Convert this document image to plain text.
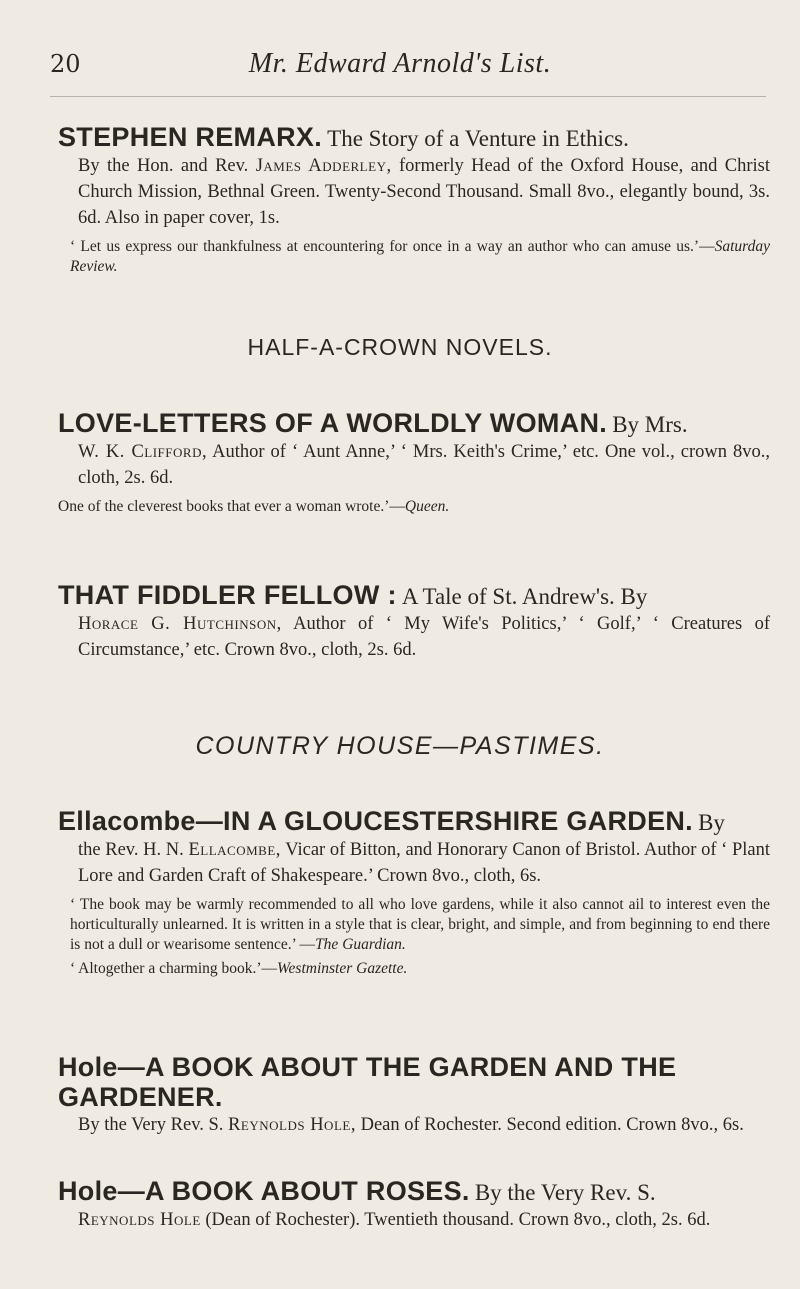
20	Mr. Edward Arnold's List.
STEPHEN REMARX. The Story of a Venture in Ethics.
By the Hon. and Rev. James Adderley, formerly Head of the Oxford House, and Christ Church Mission, Bethnal Green. Twenty-Second Thousand. Small 8vo., elegantly bound, 3s. 6d. Also in paper cover, 1s.
‘ Let us express our thankfulness at encountering for once in a way an author who can amuse us.’—Saturday Review.
HALF-A-CROWN NOVELS.
LOVE-LETTERS OF A WORLDLY WOMAN. By Mrs.
W. K. Clifford, Author of ‘ Aunt Anne,’ ‘ Mrs. Keith's Crime,’ etc. One vol., crown 8vo., cloth, 2s. 6d.
One of the cleverest books that ever a woman wrote.’—Queen.
THAT FIDDLER FELLOW : A Tale of St. Andrew's. By
Horace G. Hutchinson, Author of ‘ My Wife's Politics,’ ‘ Golf,’ ‘ Creatures of Circumstance,’ etc. Crown 8vo., cloth, 2s. 6d.
COUNTRY HOUSE—PASTIMES.
Ellacombe—IN A GLOUCESTERSHIRE GARDEN. By
the Rev. H. N. Ellacombe, Vicar of Bitton, and Honorary Canon of Bristol. Author of ‘ Plant Lore and Garden Craft of Shakespeare.’ Crown 8vo., cloth, 6s.
‘ The book may be warmly recommended to all who love gardens, while it also cannot ail to interest even the horticulturally unlearned. It is written in a style that is clear, bright, and simple, and from beginning to end there is not a dull or wearisome sentence.’ —The Guardian.
‘ Altogether a charming book.’—Westminster Gazette.
Hole—A BOOK ABOUT THE GARDEN AND THE GARDENER.
By the Very Rev. S. Reynolds Hole, Dean of Rochester. Second edition. Crown 8vo., 6s.
Hole—A BOOK ABOUT ROSES. By the Very Rev. S.
Reynolds Hole (Dean of Rochester). Twentieth thousand. Crown 8vo., cloth, 2s. 6d.
